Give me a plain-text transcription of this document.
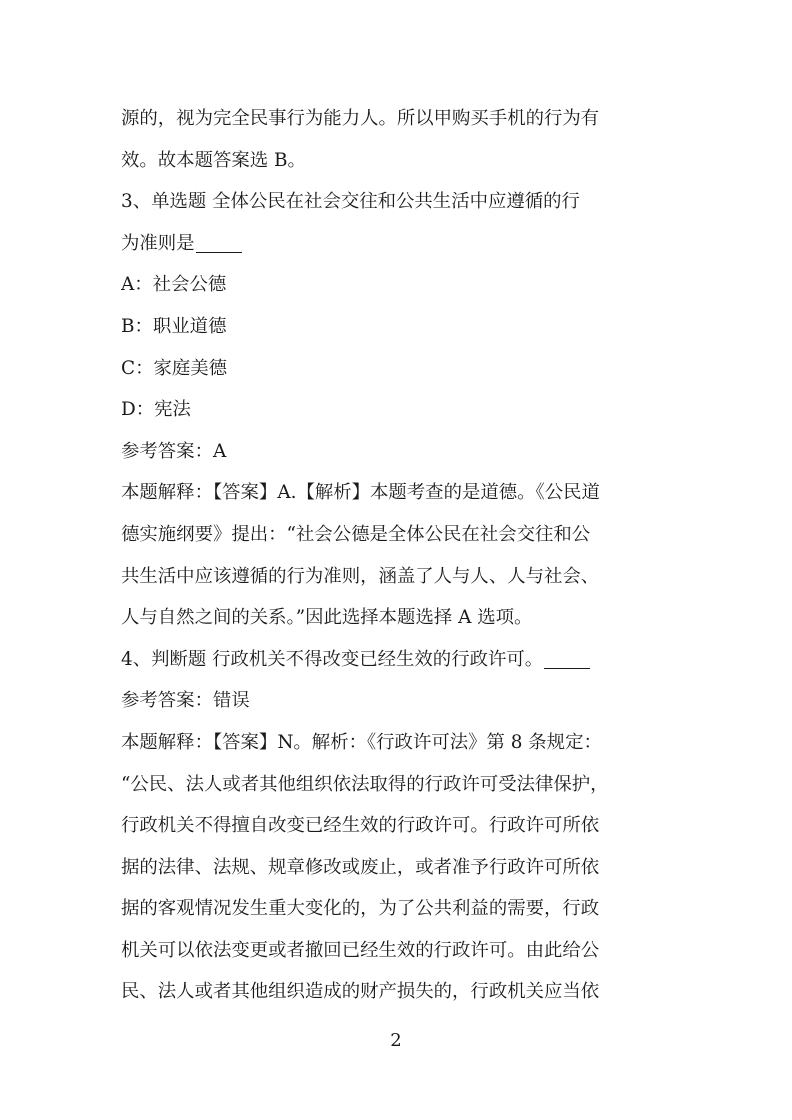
源的，视为完全民事行为能力人。所以甲购买手机的行为有
效。故本题答案选 B。
3、单选题 全体公民在社会交往和公共生活中应遵循的行
为准则是
A：社会公德
B：职业道德
C：家庭美德
D：宪法
参考答案：A
本题解释：【答案】A.【解析】本题考查的是道德。《公民道
德实施纲要》提出：“社会公德是全体公民在社会交往和公
共生活中应该遵循的行为准则，涵盖了人与人、人与社会、
人与自然之间的关系。”因此选择本题选择 A 选项。
4、判断题 行政机关不得改变已经生效的行政许可。
参考答案：错误
本题解释：【答案】N。解析：《行政许可法》第 8 条规定：
“公民、法人或者其他组织依法取得的行政许可受法律保护，
行政机关不得擅自改变已经生效的行政许可。行政许可所依
据的法律、法规、规章修改或废止，或者准予行政许可所依
据的客观情况发生重大变化的，为了公共利益的需要，行政
机关可以依法变更或者撤回已经生效的行政许可。由此给公
民、法人或者其他组织造成的财产损失的，行政机关应当依
2
